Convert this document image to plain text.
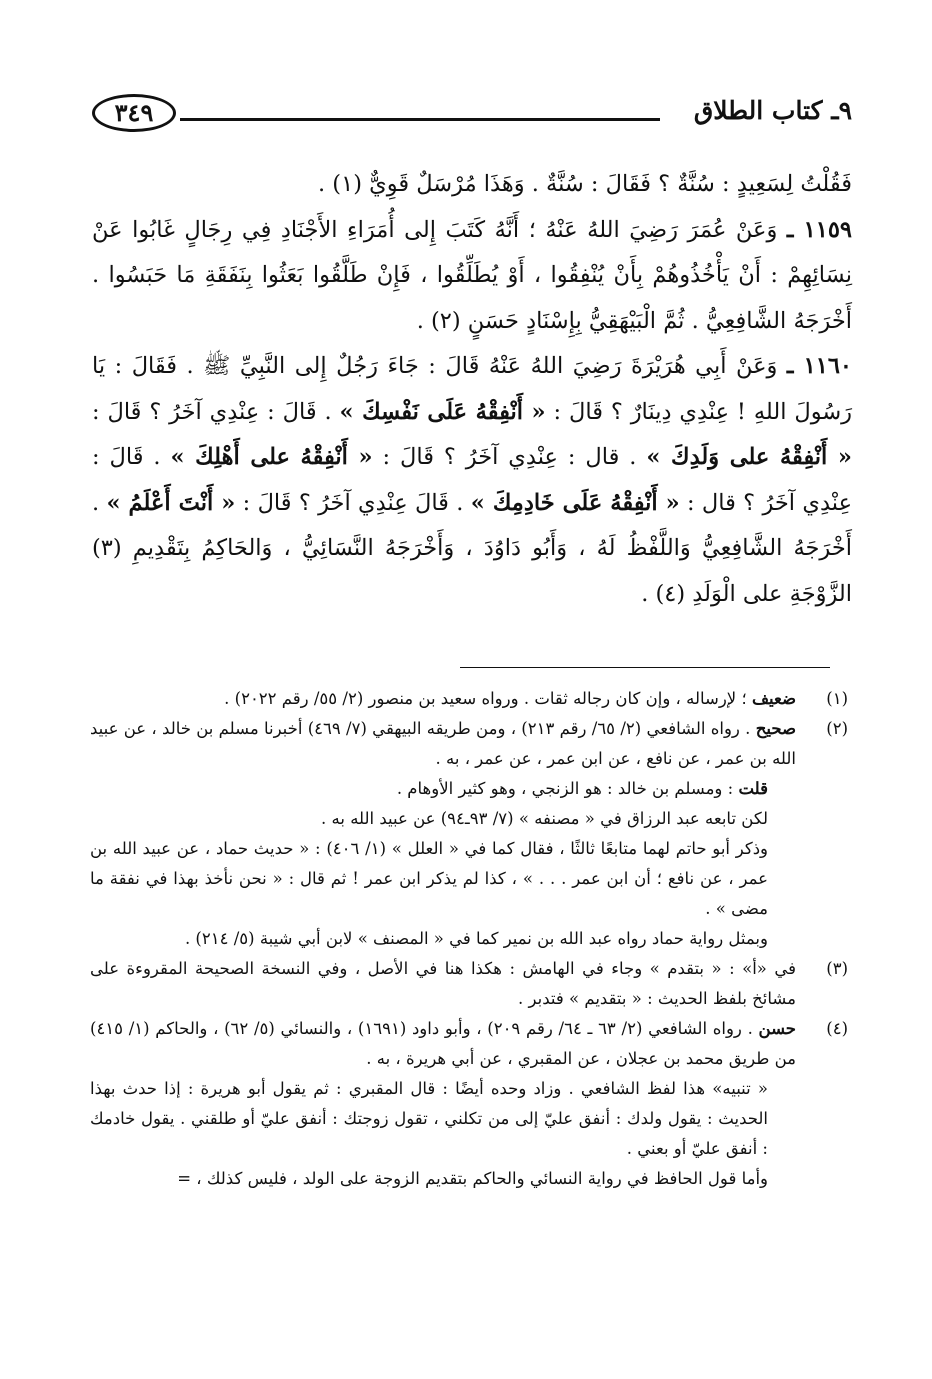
٩ـ كتاب الطلاق
٣٤٩

فَقُلْتُ لِسَعِيدٍ : سُنَّةٌ ؟ فَقَالَ : سُنَّةٌ . وَهَذَا مُرْسَلٌ قَوِيٌّ (١) .

١١٥٩ ـ وَعَنْ عُمَرَ رَضِيَ اللهُ عَنْهُ ؛ أَنَّهُ كَتَبَ إِلى أُمَرَاءِ الأَجْنَادِ فِي رِجَالٍ غَابُوا عَنْ نِسَائِهِمْ : أَنْ يَأْخُذُوهُمْ بِأَنْ يُنْفِقُوا ، أَوْ يُطَلِّقُوا ، فَإِنْ طَلَّقُوا بَعَثُوا بِنَفَقَةِ مَا حَبَسُوا . أَخْرَجَهُ الشَّافِعِيُّ . ثُمَّ الْبَيْهَقِيُّ بِإِسْنَادٍ حَسَنٍ (٢) .

١١٦٠ ـ وَعَنْ أَبِي هُرَيْرَةَ رَضِيَ اللهُ عَنْهُ قَالَ : جَاءَ رَجُلٌ إِلى النَّبِيِّ ﷺ . فَقَالَ : يَا رَسُولَ اللهِ ! عِنْدِي دِينَارٌ ؟ قَالَ : « أَنْفِقْهُ عَلَى نَفْسِكَ » . قَالَ : عِنْدِي آخَرُ ؟ قَالَ : « أَنْفِقْهُ على وَلَدِكَ » . قال : عِنْدِي آخَرُ ؟ قَالَ : « أَنْفِقْهُ على أَهْلِكَ » . قَالَ : عِنْدِي آخَرُ ؟ قال : « أَنْفِقْهُ عَلَى خَادِمِكَ » . قَالَ عِنْدِي آخَرُ ؟ قَالَ : « أَنْتَ أَعْلَمُ » . أَخْرَجَهُ الشَّافِعِيُّ وَاللَّفْظُ لَهُ ، وَأَبُو دَاوُدَ ، وَأَخْرَجَهُ النَّسَائِيُّ ، وَالحَاكِمُ بِتَقْدِيمِ (٣) الزَّوْجَةِ على الْوَلَدِ (٤) .

(١)
ضعيف ؛ لإرساله ، وإن كان رجاله ثقات . ورواه سعيد بن منصور (٢/ ٥٥/ رقم ٢٠٢٢) .
(٢)
صحيح . رواه الشافعي (٢/ ٦٥/ رقم ٢١٣) ، ومن طريقه البيهقي (٧/ ٤٦٩) أخبرنا مسلم بن خالد ، عن عبيد الله بن عمر ، عن نافع ، عن ابن عمر ، عن عمر ، به .
قلت : ومسلم بن خالد : هو الزنجي ، وهو كثير الأوهام .
لكن تابعه عبد الرزاق في « مصنفه » (٧/ ٩٣ـ٩٤) عن عبيد الله به .
وذكر أبو حاتم لهما متابعًا ثالثًا ، فقال كما في « العلل » (١/ ٤٠٦) : « حديث حماد ، عن عبيد الله بن عمر ، عن نافع ؛ أن ابن عمر . . . » ، كذا لم يذكر ابن عمر ! ثم قال : « نحن نأخذ بهذا في نفقة ما مضى » .
وبمثل رواية حماد رواه عبد الله بن نمير كما في « المصنف » لابن أبي شيبة (٥/ ٢١٤) .
(٣)
في «أ» : « بتقدم » وجاء في الهامش : هكذا هنا في الأصل ، وفي النسخة الصحيحة المقروءة على مشائخ بلفظ الحديث : « بتقديم » فتدبر .
(٤)
حسن . رواه الشافعي (٢/ ٦٣ ـ ٦٤/ رقم ٢٠٩) ، وأبو داود (١٦٩١) ، والنسائي (٥/ ٦٢) ، والحاكم (١/ ٤١٥) من طريق محمد بن عجلان ، عن المقبري ، عن أبي هريرة ، به .
« تنبيه» هذا لفظ الشافعي . وزاد وحده أيضًا : قال المقبري : ثم يقول أبو هريرة : إذا حدث بهذا الحديث : يقول ولدك : أنفق عليّ إلى من تكلني ، تقول زوجتك : أنفق عليّ أو طلقني . يقول خادمك : أنفق عليّ أو بعني .
وأما قول الحافظ في رواية النسائي والحاكم بتقديم الزوجة على الولد ، فليس كذلك ، =
